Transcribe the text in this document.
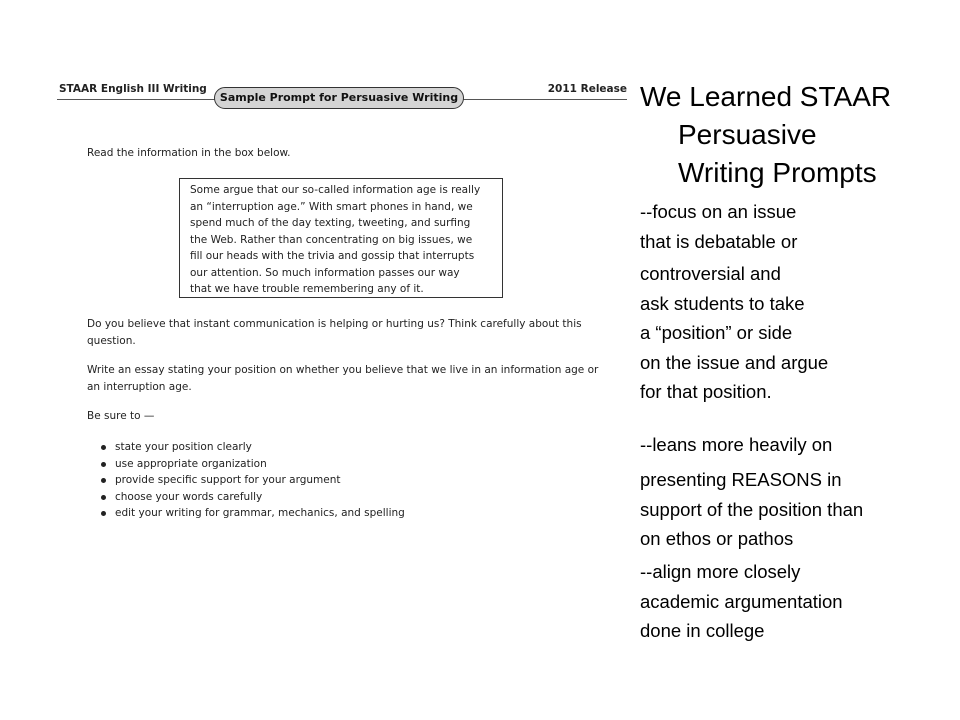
STAAR English III Writing	2011 Release
Sample Prompt for Persuasive Writing
Read the information in the box below.
Some argue that our so-called information age is really
an “interruption age.” With smart phones in hand, we
spend much of the day texting, tweeting, and surfing
the Web. Rather than concentrating on big issues, we
fill our heads with the trivia and gossip that interrupts
our attention. So much information passes our way
that we have trouble remembering any of it.
Do you believe that instant communication is helping or hurting us? Think carefully about this question.
Write an essay stating your position on whether you believe that we live in an information age or an interruption age.
Be sure to —
state your position clearly
use appropriate organization
provide specific support for your argument
choose your words carefully
edit your writing for grammar, mechanics, and spelling
We Learned STAAR
Persuasive
Writing Prompts
--focus on an issue
that is debatable or
controversial and
ask students to take
a “position” or side
on the issue and argue
for that position.
--leans more heavily on
presenting REASONS in
support of the position than
on ethos or pathos
--align more closely
academic argumentation
done in college
